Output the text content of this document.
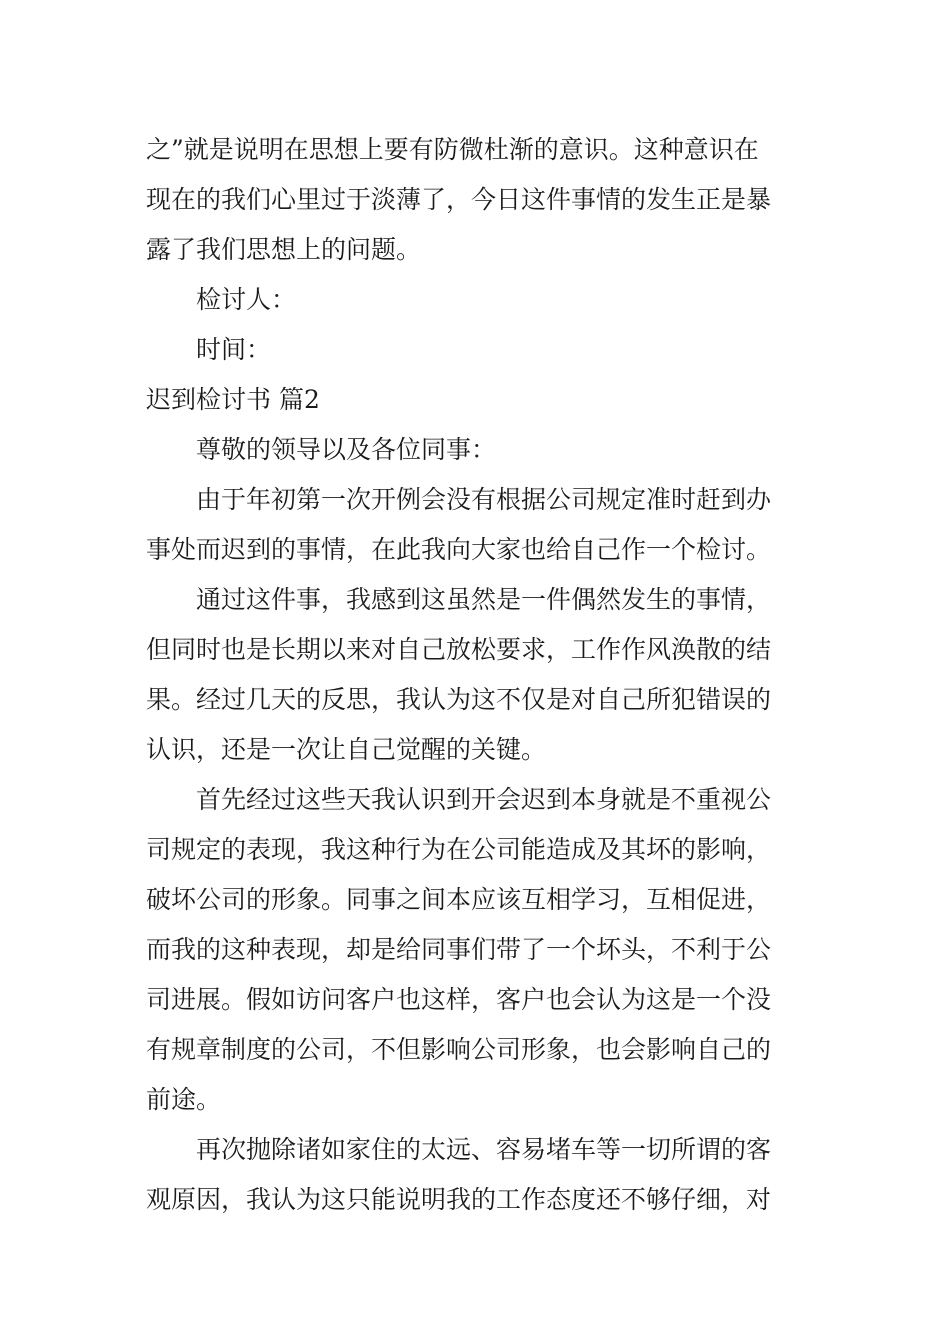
之”就是说明在思想上要有防微杜渐的意识。这种意识在
现在的我们心里过于淡薄了，今日这件事情的发生正是暴
露了我们思想上的问题。
检讨人：
时间：
迟到检讨书 篇2
尊敬的领导以及各位同事：
由于年初第一次开例会没有根据公司规定准时赶到办
事处而迟到的事情，在此我向大家也给自己作一个检讨。
通过这件事，我感到这虽然是一件偶然发生的事情，
但同时也是长期以来对自己放松要求，工作作风涣散的结
果。经过几天的反思，我认为这不仅是对自己所犯错误的
认识，还是一次让自己觉醒的关键。
首先经过这些天我认识到开会迟到本身就是不重视公
司规定的表现，我这种行为在公司能造成及其坏的影响，
破坏公司的形象。同事之间本应该互相学习，互相促进，
而我的这种表现，却是给同事们带了一个坏头，不利于公
司进展。假如访问客户也这样，客户也会认为这是一个没
有规章制度的公司，不但影响公司形象，也会影响自己的
前途。
再次抛除诸如家住的太远、容易堵车等一切所谓的客
观原因，我认为这只能说明我的工作态度还不够仔细，对
